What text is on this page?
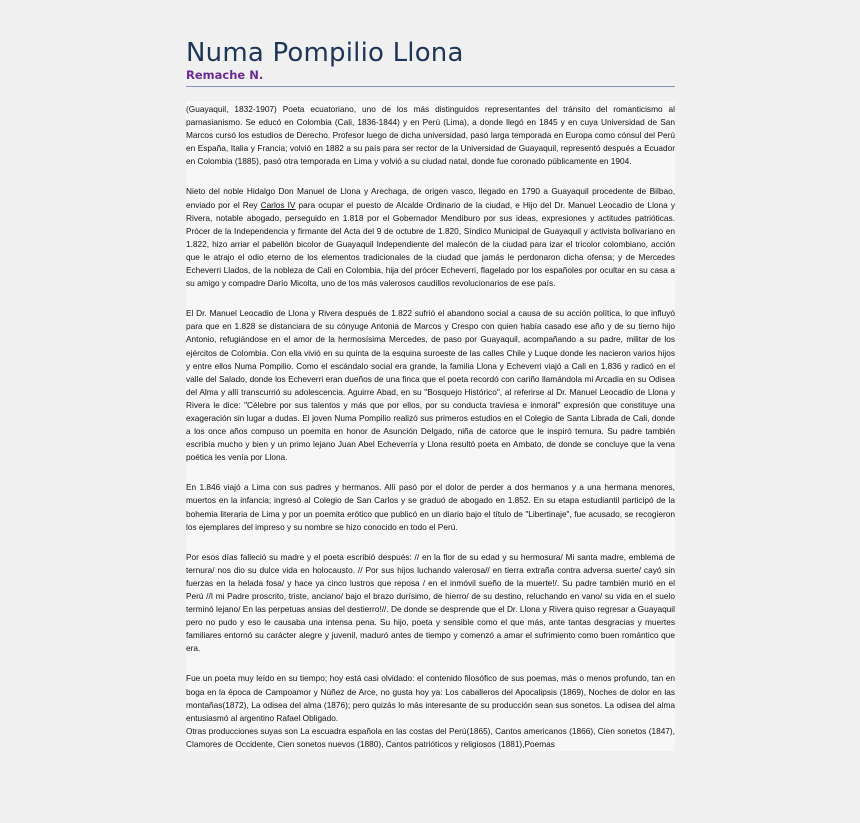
Numa Pompilio Llona
Remache N.

(Guayaquil, 1832-1907) Poeta ecuatoriano, uno de los más distinguidos representantes del tránsito del romanticismo al parnasianismo. Se educó en Colombia (Cali, 1836-1844) y en Perú (Lima), a donde llegó en 1845 y en cuya Universidad de San Marcos cursó los estudios de Derecho. Profesor luego de dicha universidad, pasó larga temporada en Europa como cónsul del Perú en España, Italia y Francia; volvió en 1882 a su país para ser rector de la Universidad de Guayaquil, representó después a Ecuador en Colombia (1885), pasó otra temporada en Lima y volvió a su ciudad natal, donde fue coronado públicamente en 1904.

Nieto del noble Hidalgo Don Manuel de Llona y Arechaga, de origen vasco, llegado en 1790 a Guayaquil procedente de Bilbao, enviado por el Rey Carlos IV para ocupar el puesto de Alcalde Ordinario de la ciudad, e Hijo del Dr. Manuel Leocadio de Llona y Rivera, notable abogado, perseguido en 1.818 por el Gobernador Mendiburo por sus ideas, expresiones y actitudes patrióticas. Prócer de la Independencia y firmante del Acta del 9 de octubre de 1.820, Síndico Municipal de Guayaquil y activista bolivariano en 1.822, hizo arriar el pabellón bicolor de Guayaquil Independiente del malecón de la ciudad para izar el tricolor colombiano, acción que le atrajo el odio eterno de los elementos tradicionales de la ciudad que jamás le perdonaron dicha ofensa; y de Mercedes Echeverri Llados, de la nobleza de Cali en Colombia, hija del prócer Echeverri, flagelado por los españoles por ocultar en su casa a su amigo y compadre Darío Micolta, uno de los más valerosos caudillos revolucionarios de ese país.

El Dr. Manuel Leocadio de Llona y Rivera después de 1.822 sufrió el abandono social a causa de su acción política, lo que influyó para que en 1.828 se distanciara de su cónyuge Antonia de Marcos y Crespo con quien había casado ese año y de su tierno hijo Antonio, refugiándose en el amor de la hermosísima Mercedes, de paso por Guayaquil, acompañando a su padre, militar de los ejércitos de Colombia. Con ella vivió en su quinta de la esquina suroeste de las calles Chile y Luque donde les nacieron varios hijos y entre ellos Numa Pompilio. Como el escándalo social era grande, la familia Llona y Echeverri viajó a Cali en 1.836 y radicó en el valle del Salado, donde los Echeverri eran dueños de una finca que el poeta recordó con cariño llamándola mi Arcadia en su Odisea del Alma y allí transcurrió su adolescencia. Aguirre Abad, en su "Bosquejo Histórico", al referirse al Dr. Manuel Leocadio de Llona y Rivera le dice: "Célebre por sus talentos y más que por ellos, por su conducta traviesa e inmoral" expresión que constituye una exageración sin lugar a dudas. El joven Numa Pompilio realizó sus primeros estudios en el Colegio de Santa Librada de Cali, donde a los once años compuso un poemita en honor de Asunción Delgado, niña de catorce que le inspiró ternura. Su padre también escribía mucho y bien y un primo lejano Juan Abel Echeverría y Llona resultó poeta en Ambato, de donde se concluye que la vena poética les venía por Llona.

En 1.846 viajó a Lima con sus padres y hermanos. Allí pasó por el dolor de perder a dos hermanos y a una hermana menores, muertos en la infancia; ingresó al Colegio de San Carlos y se graduó de abogado en 1.852. En su etapa estudiantil participó de la bohemia literaria de Lima y por un poemita erótico que publicó en un diario bajo el título de "Libertinaje", fue acusado, se recogieron los ejemplares del impreso y su nombre se hizo conocido en todo el Perú.

Por esos días falleció su madre y el poeta escribió después: // en la flor de su edad y su hermosura/ Mi santa madre, emblema de ternura/ nos dio su dulce vida en holocausto. // Por sus hijos luchando valerosa// en tierra extraña contra adversa suerte/ cayó sin fuerzas en la helada fosa/ y hace ya cinco lustros que reposa / en el inmóvil sueño de la muerte!/. Su padre también murió en el Perú //I mi Padre proscrito, triste, anciano/ bajo el brazo durísimo, de hierro/ de su destino, reluchando en vano/ su vida en el suelo terminó lejano/ En las perpetuas ansias del destierro!//. De donde se desprende que el Dr. Llona y Rivera quiso regresar a Guayaquil pero no pudo y eso le causaba una intensa pena. Su hijo, poeta y sensible como el que más, ante tantas desgracias y muertes familiares entornó su carácter alegre y juvenil, maduró antes de tiempo y comenzó a amar el sufrimiento como buen romántico que era.

Fue un poeta muy leído en su tiempo; hoy está casi olvidado: el contenido filosófico de sus poemas, más o menos profundo, tan en boga en la época de Campoamor y Núñez de Arce, no gusta hoy ya: Los caballeros del Apocalipsis (1869), Noches de dolor en las montañas(1872), La odisea del alma (1876); pero quizás lo más interesante de su producción sean sus sonetos. La odisea del alma entusiasmó al argentino Rafael Obligado.

Otras producciones suyas son La escuadra española en las costas del Perú(1865), Cantos americanos (1866), Cien sonetos (1847), Clamores de Occidente, Cien sonetos nuevos (1880), Cantos patrióticos y religiosos (1881),Poemas
